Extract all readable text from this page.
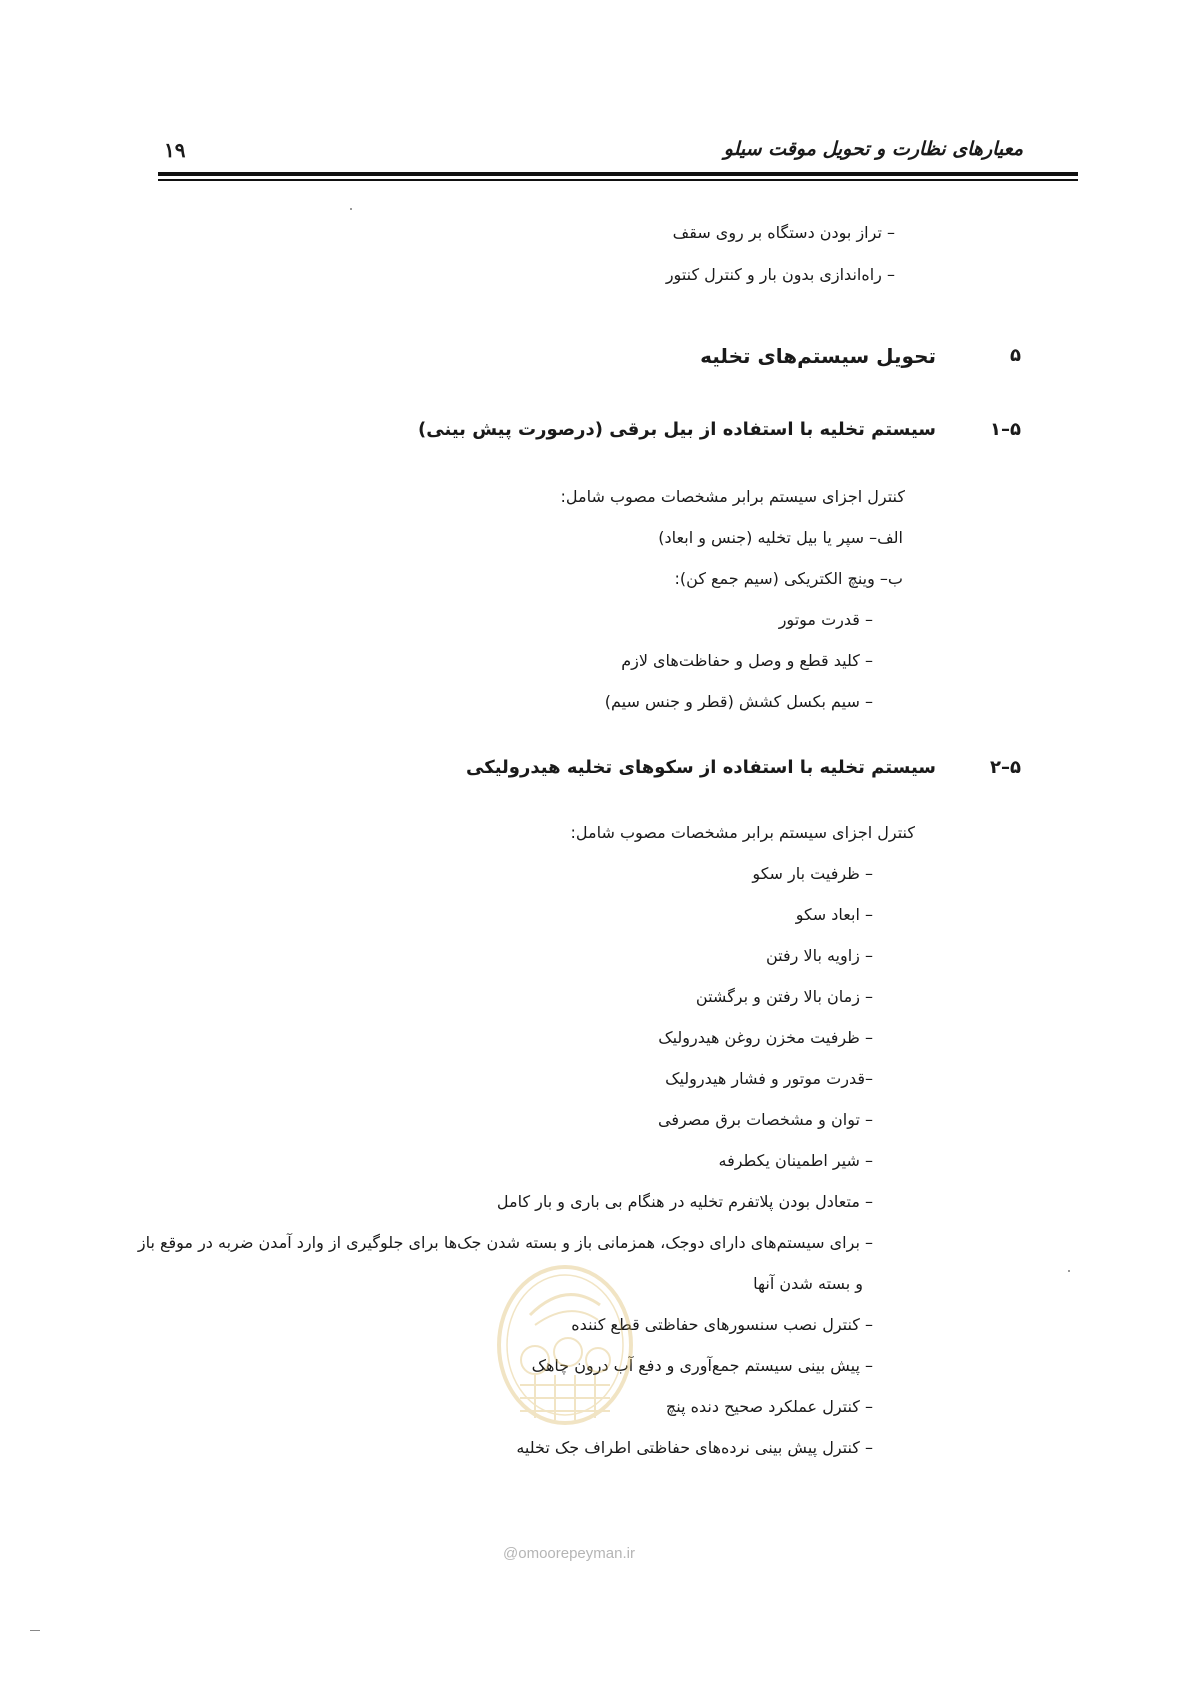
معیارهای نظارت و تحویل موقت سیلو
۱۹
– تراز بودن دستگاه بر روی سقف
– راه‌اندازی بدون بار و کنترل کنتور
۵
تحویل سیستم‌های تخلیه
۵–۱
سیستم تخلیه با استفاده از بیل برقی (درصورت پیش بینی)
کنترل اجزای سیستم برابر مشخصات مصوب شامل:
الف– سپر یا بیل تخلیه (جنس و ابعاد)
ب– وینچ الکتریکی (سیم جمع کن):
– قدرت موتور
– کلید قطع و وصل و حفاظت‌های لازم
– سیم بکسل کشش (قطر و جنس سیم)
۵–۲
سیستم تخلیه با استفاده از سکوهای تخلیه هیدرولیکی
کنترل اجزای سیستم برابر مشخصات مصوب شامل:
– ظرفیت بار سکو
– ابعاد سکو
– زاویه بالا رفتن
– زمان بالا رفتن و برگشتن
– ظرفیت مخزن روغن هیدرولیک
–قدرت موتور و فشار هیدرولیک
– توان و مشخصات برق مصرفی
– شیر اطمینان یکطرفه
– متعادل بودن پلاتفرم تخلیه در هنگام بی باری و بار کامل
– برای سیستم‌های دارای دوجک، همزمانی باز و بسته شدن جک‌ها برای جلوگیری از وارد آمدن ضربه در موقع باز
و بسته شدن آنها
– کنترل نصب سنسورهای حفاظتی قطع کننده
– پیش بینی سیستم جمع‌آوری و دفع آب درون چاهک
– کنترل عملکرد صحیح دنده پنچ
– کنترل پیش بینی نرده‌های حفاظتی اطراف جک تخلیه
@omoorepeyman.ir
